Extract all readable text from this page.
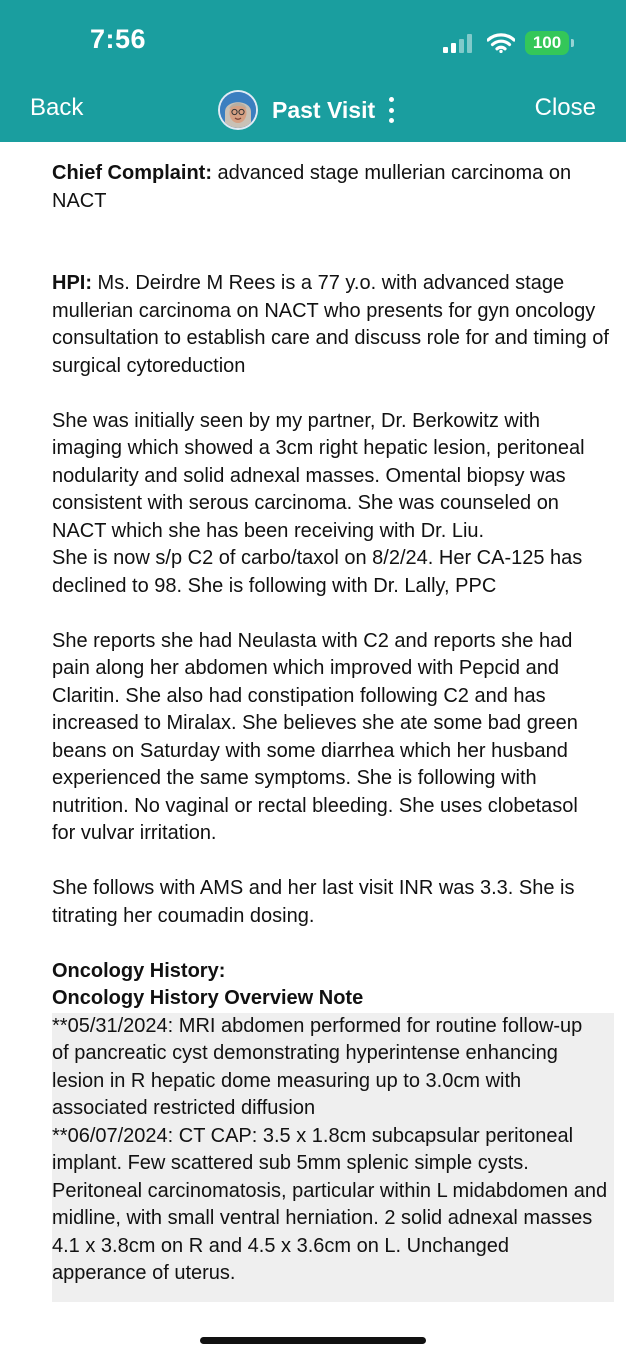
7:56	100
Back	Past Visit	Close
Chief Complaint: advanced stage mullerian carcinoma on
NACT
HPI: Ms. Deirdre M Rees is a 77 y.o. with advanced stage
mullerian carcinoma on NACT who presents for gyn oncology
consultation to establish care and discuss role for and timing of
surgical cytoreduction
She was initially seen by my partner, Dr. Berkowitz with
imaging which showed a 3cm right hepatic lesion, peritoneal
nodularity and solid adnexal masses. Omental biopsy was
consistent with serous carcinoma. She was counseled on
NACT which she has been receiving with Dr. Liu.
She is now s/p C2 of carbo/taxol on 8/2/24. Her CA-125 has
declined to 98. She is following with Dr. Lally, PPC
She reports she had Neulasta with C2 and reports she had
pain along her abdomen which improved with Pepcid and
Claritin. She also had constipation following C2 and has
increased to Miralax. She believes she ate some bad green
beans on Saturday with some diarrhea which her husband
experienced the same symptoms. She is following with
nutrition. No vaginal or rectal bleeding. She uses clobetasol
for vulvar irritation.
She follows with AMS and her last visit INR was 3.3. She is
titrating her coumadin dosing.
Oncology History:
Oncology History Overview Note
**05/31/2024: MRI abdomen performed for routine follow-up
of pancreatic cyst demonstrating hyperintense enhancing
lesion in R hepatic dome measuring up to 3.0cm with
associated restricted diffusion
**06/07/2024: CT CAP: 3.5 x 1.8cm subcapsular peritoneal
implant. Few scattered sub 5mm splenic simple cysts.
Peritoneal carcinomatosis, particular within L midabdomen and
midline, with small ventral herniation. 2 solid adnexal masses
4.1 x 3.8cm on R and 4.5 x 3.6cm on L. Unchanged
apperance of uterus.
